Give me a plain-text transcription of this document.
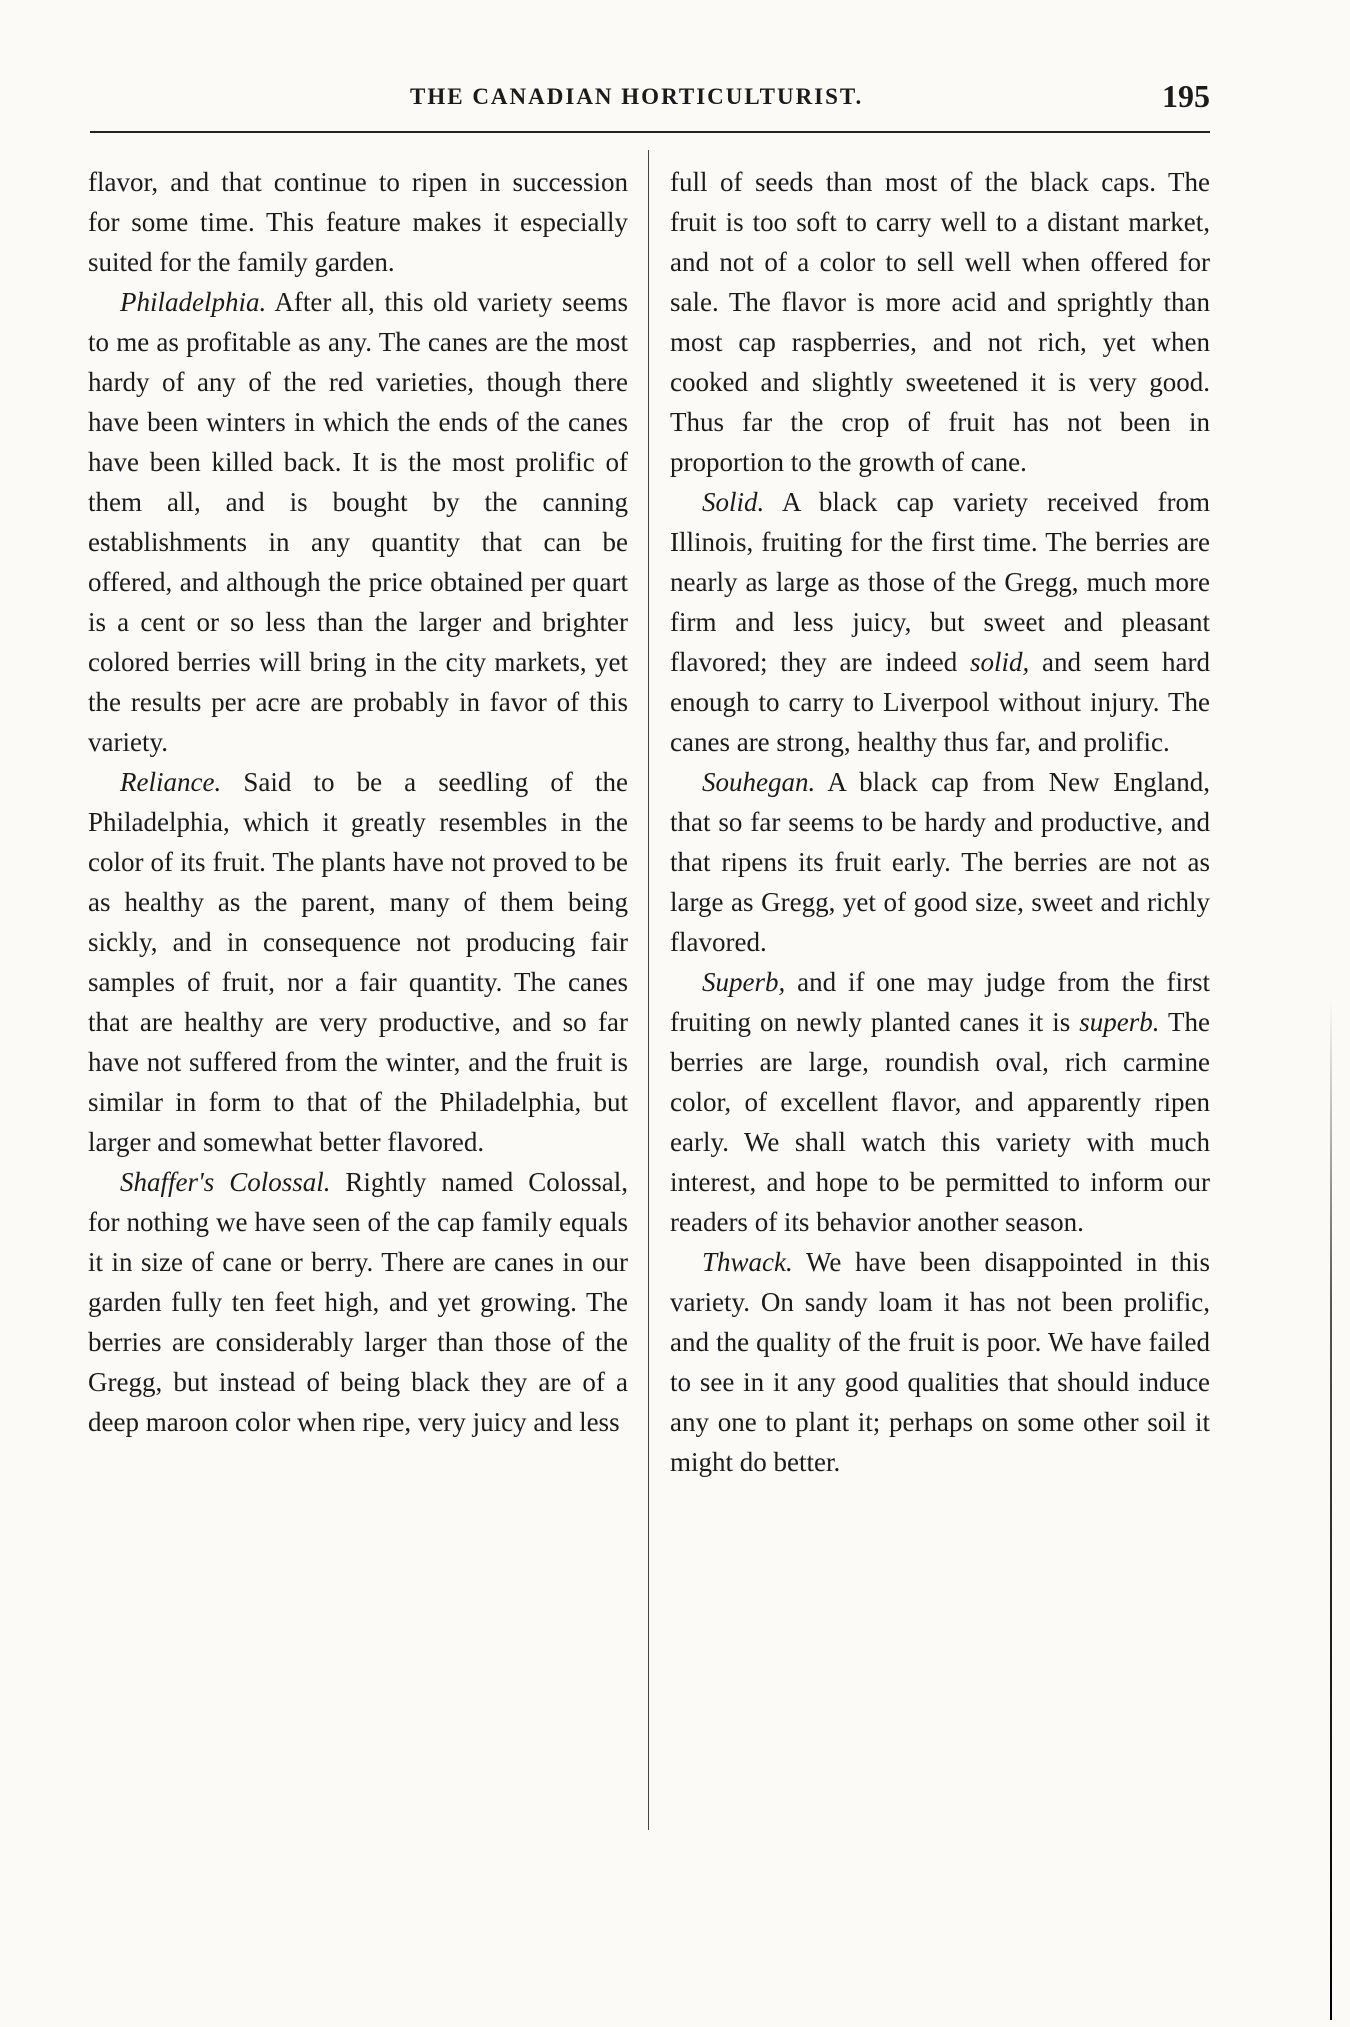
THE CANADIAN HORTICULTURIST.	195

flavor, and that continue to ripen in succession for some time. This feature makes it especially suited for the family garden.

Philadelphia. After all, this old variety seems to me as profitable as any. The canes are the most hardy of any of the red varieties, though there have been winters in which the ends of the canes have been killed back. It is the most prolific of them all, and is bought by the canning establishments in any quantity that can be offered, and although the price obtained per quart is a cent or so less than the larger and brighter colored berries will bring in the city markets, yet the results per acre are probably in favor of this variety.

Reliance. Said to be a seedling of the Philadelphia, which it greatly resembles in the color of its fruit. The plants have not proved to be as healthy as the parent, many of them being sickly, and in consequence not producing fair samples of fruit, nor a fair quantity. The canes that are healthy are very productive, and so far have not suffered from the winter, and the fruit is similar in form to that of the Philadelphia, but larger and somewhat better flavored.

Shaffer's Colossal. Rightly named Colossal, for nothing we have seen of the cap family equals it in size of cane or berry. There are canes in our garden fully ten feet high, and yet growing. The berries are considerably larger than those of the Gregg, but instead of being black they are of a deep maroon color when ripe, very juicy and less

full of seeds than most of the black caps. The fruit is too soft to carry well to a distant market, and not of a color to sell well when offered for sale. The flavor is more acid and sprightly than most cap raspberries, and not rich, yet when cooked and slightly sweetened it is very good. Thus far the crop of fruit has not been in proportion to the growth of cane.

Solid. A black cap variety received from Illinois, fruiting for the first time. The berries are nearly as large as those of the Gregg, much more firm and less juicy, but sweet and pleasant flavored; they are indeed solid, and seem hard enough to carry to Liverpool without injury. The canes are strong, healthy thus far, and prolific.

Souhegan. A black cap from New England, that so far seems to be hardy and productive, and that ripens its fruit early. The berries are not as large as Gregg, yet of good size, sweet and richly flavored.

Superb, and if one may judge from the first fruiting on newly planted canes it is superb. The berries are large, roundish oval, rich carmine color, of excellent flavor, and apparently ripen early. We shall watch this variety with much interest, and hope to be permitted to inform our readers of its behavior another season.

Thwack. We have been disappointed in this variety. On sandy loam it has not been prolific, and the quality of the fruit is poor. We have failed to see in it any good qualities that should induce any one to plant it; perhaps on some other soil it might do better.
